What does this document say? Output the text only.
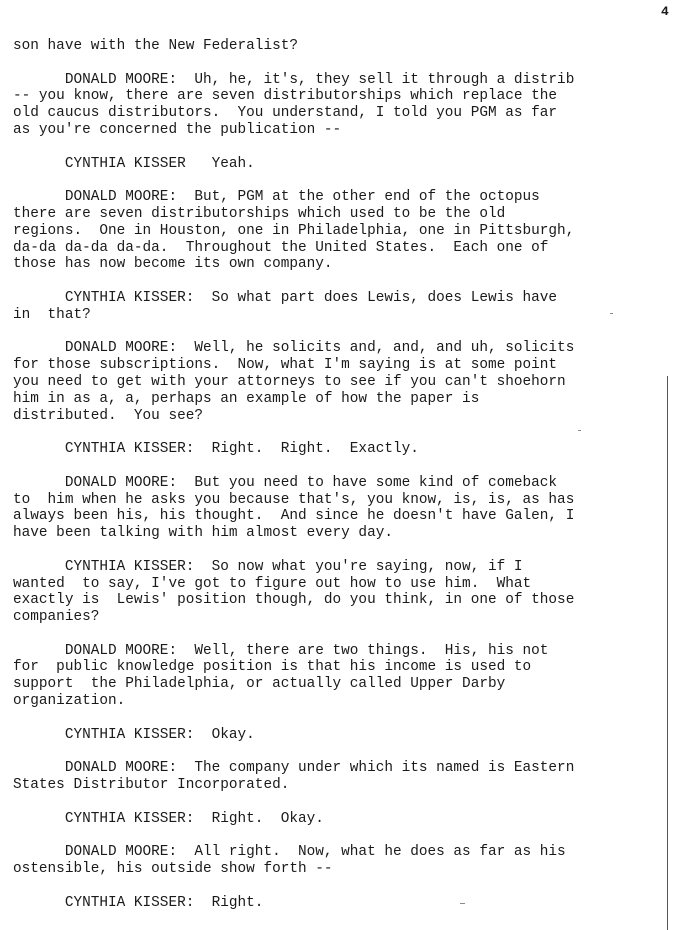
4
son have with the New Federalist?
DONALD MOORE:  Uh, he, it's, they sell it through a distrib
-- you know, there are seven distributorships which replace the
old caucus distributors.  You understand, I told you PGM as far
as you're concerned the publication --
CYNTHIA KISSER   Yeah.
DONALD MOORE:  But, PGM at the other end of the octopus
there are seven distributorships which used to be the old
regions.  One in Houston, one in Philadelphia, one in Pittsburgh,
da-da da-da da-da.  Throughout the United States.  Each one of
those has now become its own company.
CYNTHIA KISSER:  So what part does Lewis, does Lewis have
in  that?
DONALD MOORE:  Well, he solicits and, and, and uh, solicits
for those subscriptions.  Now, what I'm saying is at some point
you need to get with your attorneys to see if you can't shoehorn
him in as a, a, perhaps an example of how the paper is
distributed.  You see?
CYNTHIA KISSER:  Right.  Right.  Exactly.
DONALD MOORE:  But you need to have some kind of comeback
to  him when he asks you because that's, you know, is, is, as has
always been his, his thought.  And since he doesn't have Galen, I
have been talking with him almost every day.
CYNTHIA KISSER:  So now what you're saying, now, if I
wanted  to say, I've got to figure out how to use him.  What
exactly is  Lewis' position though, do you think, in one of those
companies?
DONALD MOORE:  Well, there are two things.  His, his not
for  public knowledge position is that his income is used to
support  the Philadelphia, or actually called Upper Darby
organization.
CYNTHIA KISSER:  Okay.
DONALD MOORE:  The company under which its named is Eastern
States Distributor Incorporated.
CYNTHIA KISSER:  Right.  Okay.
DONALD MOORE:  All right.  Now, what he does as far as his
ostensible, his outside show forth --
CYNTHIA KISSER:  Right.
